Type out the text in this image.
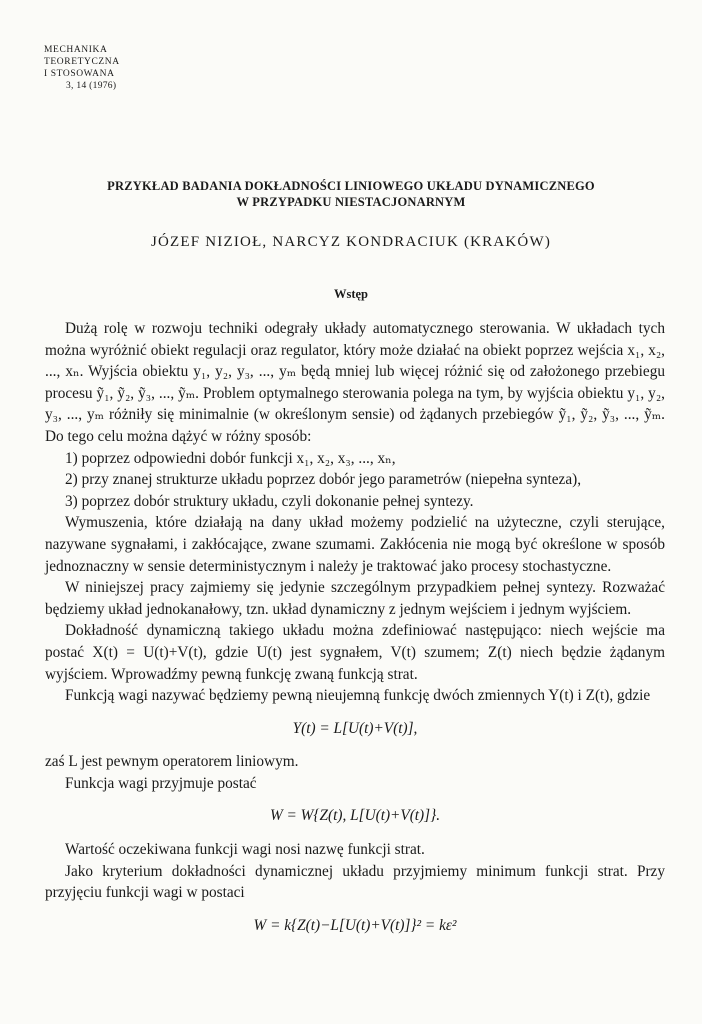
MECHANIKA
TEORETYCZNA
I STOSOWANA
3, 14 (1976)
PRZYKŁAD BADANIA DOKŁADNOŚCI LINIOWEGO UKŁADU DYNAMICZNEGO
W PRZYPADKU NIESTACJONARNYM
JÓZEF NIZIOŁ, NARCYZ KONDRACIUK (KRAKÓW)
Wstęp

Dużą rolę w rozwoju techniki odegrały układy automatycznego sterowania. W układach tych można wyróżnić obiekt regulacji oraz regulator, który może działać na obiekt poprzez wejścia x₁, x₂, ..., xₙ. Wyjścia obiektu y₁, y₂, y₃, ..., yₘ będą mniej lub więcej różnić się od założonego przebiegu procesu ỹ₁, ỹ₂, ỹ₃, ..., ỹₘ. Problem optymalnego sterowania polega na tym, by wyjścia obiektu y₁, y₂, y₃, ..., yₘ różniły się minimalnie (w określonym sensie) od żądanych przebiegów ỹ₁, ỹ₂, ỹ₃, ..., ỹₘ. Do tego celu można dążyć w różny sposób:

1) poprzez odpowiedni dobór funkcji x₁, x₂, x₃, ..., xₙ,

2) przy znanej strukturze układu poprzez dobór jego parametrów (niepełna synteza),

3) poprzez dobór struktury układu, czyli dokonanie pełnej syntezy.

Wymuszenia, które działają na dany układ możemy podzielić na użyteczne, czyli sterujące, nazywane sygnałami, i zakłócające, zwane szumami. Zakłócenia nie mogą być określone w sposób jednoznaczny w sensie deterministycznym i należy je traktować jako procesy stochastyczne.

W niniejszej pracy zajmiemy się jedynie szczególnym przypadkiem pełnej syntezy. Rozważać będziemy układ jednokanałowy, tzn. układ dynamiczny z jednym wejściem i jednym wyjściem.

Dokładność dynamiczną takiego układu można zdefiniować następująco: niech wejście ma postać X(t) = U(t)+V(t), gdzie U(t) jest sygnałem, V(t) szumem; Z(t) niech będzie żądanym wyjściem. Wprowadźmy pewną funkcję zwaną funkcją strat.

Funkcją wagi nazywać będziemy pewną nieujemną funkcję dwóch zmiennych Y(t) i Z(t), gdzie

Y(t) = L[U(t)+V(t)],

zaś L jest pewnym operatorem liniowym.

Funkcja wagi przyjmuje postać

W = W{Z(t), L[U(t)+V(t)]}.

Wartość oczekiwana funkcji wagi nosi nazwę funkcji strat.

Jako kryterium dokładności dynamicznej układu przyjmiemy minimum funkcji strat. Przy przyjęciu funkcji wagi w postaci

W = k{Z(t)−L[U(t)+V(t)]}² = kε²
